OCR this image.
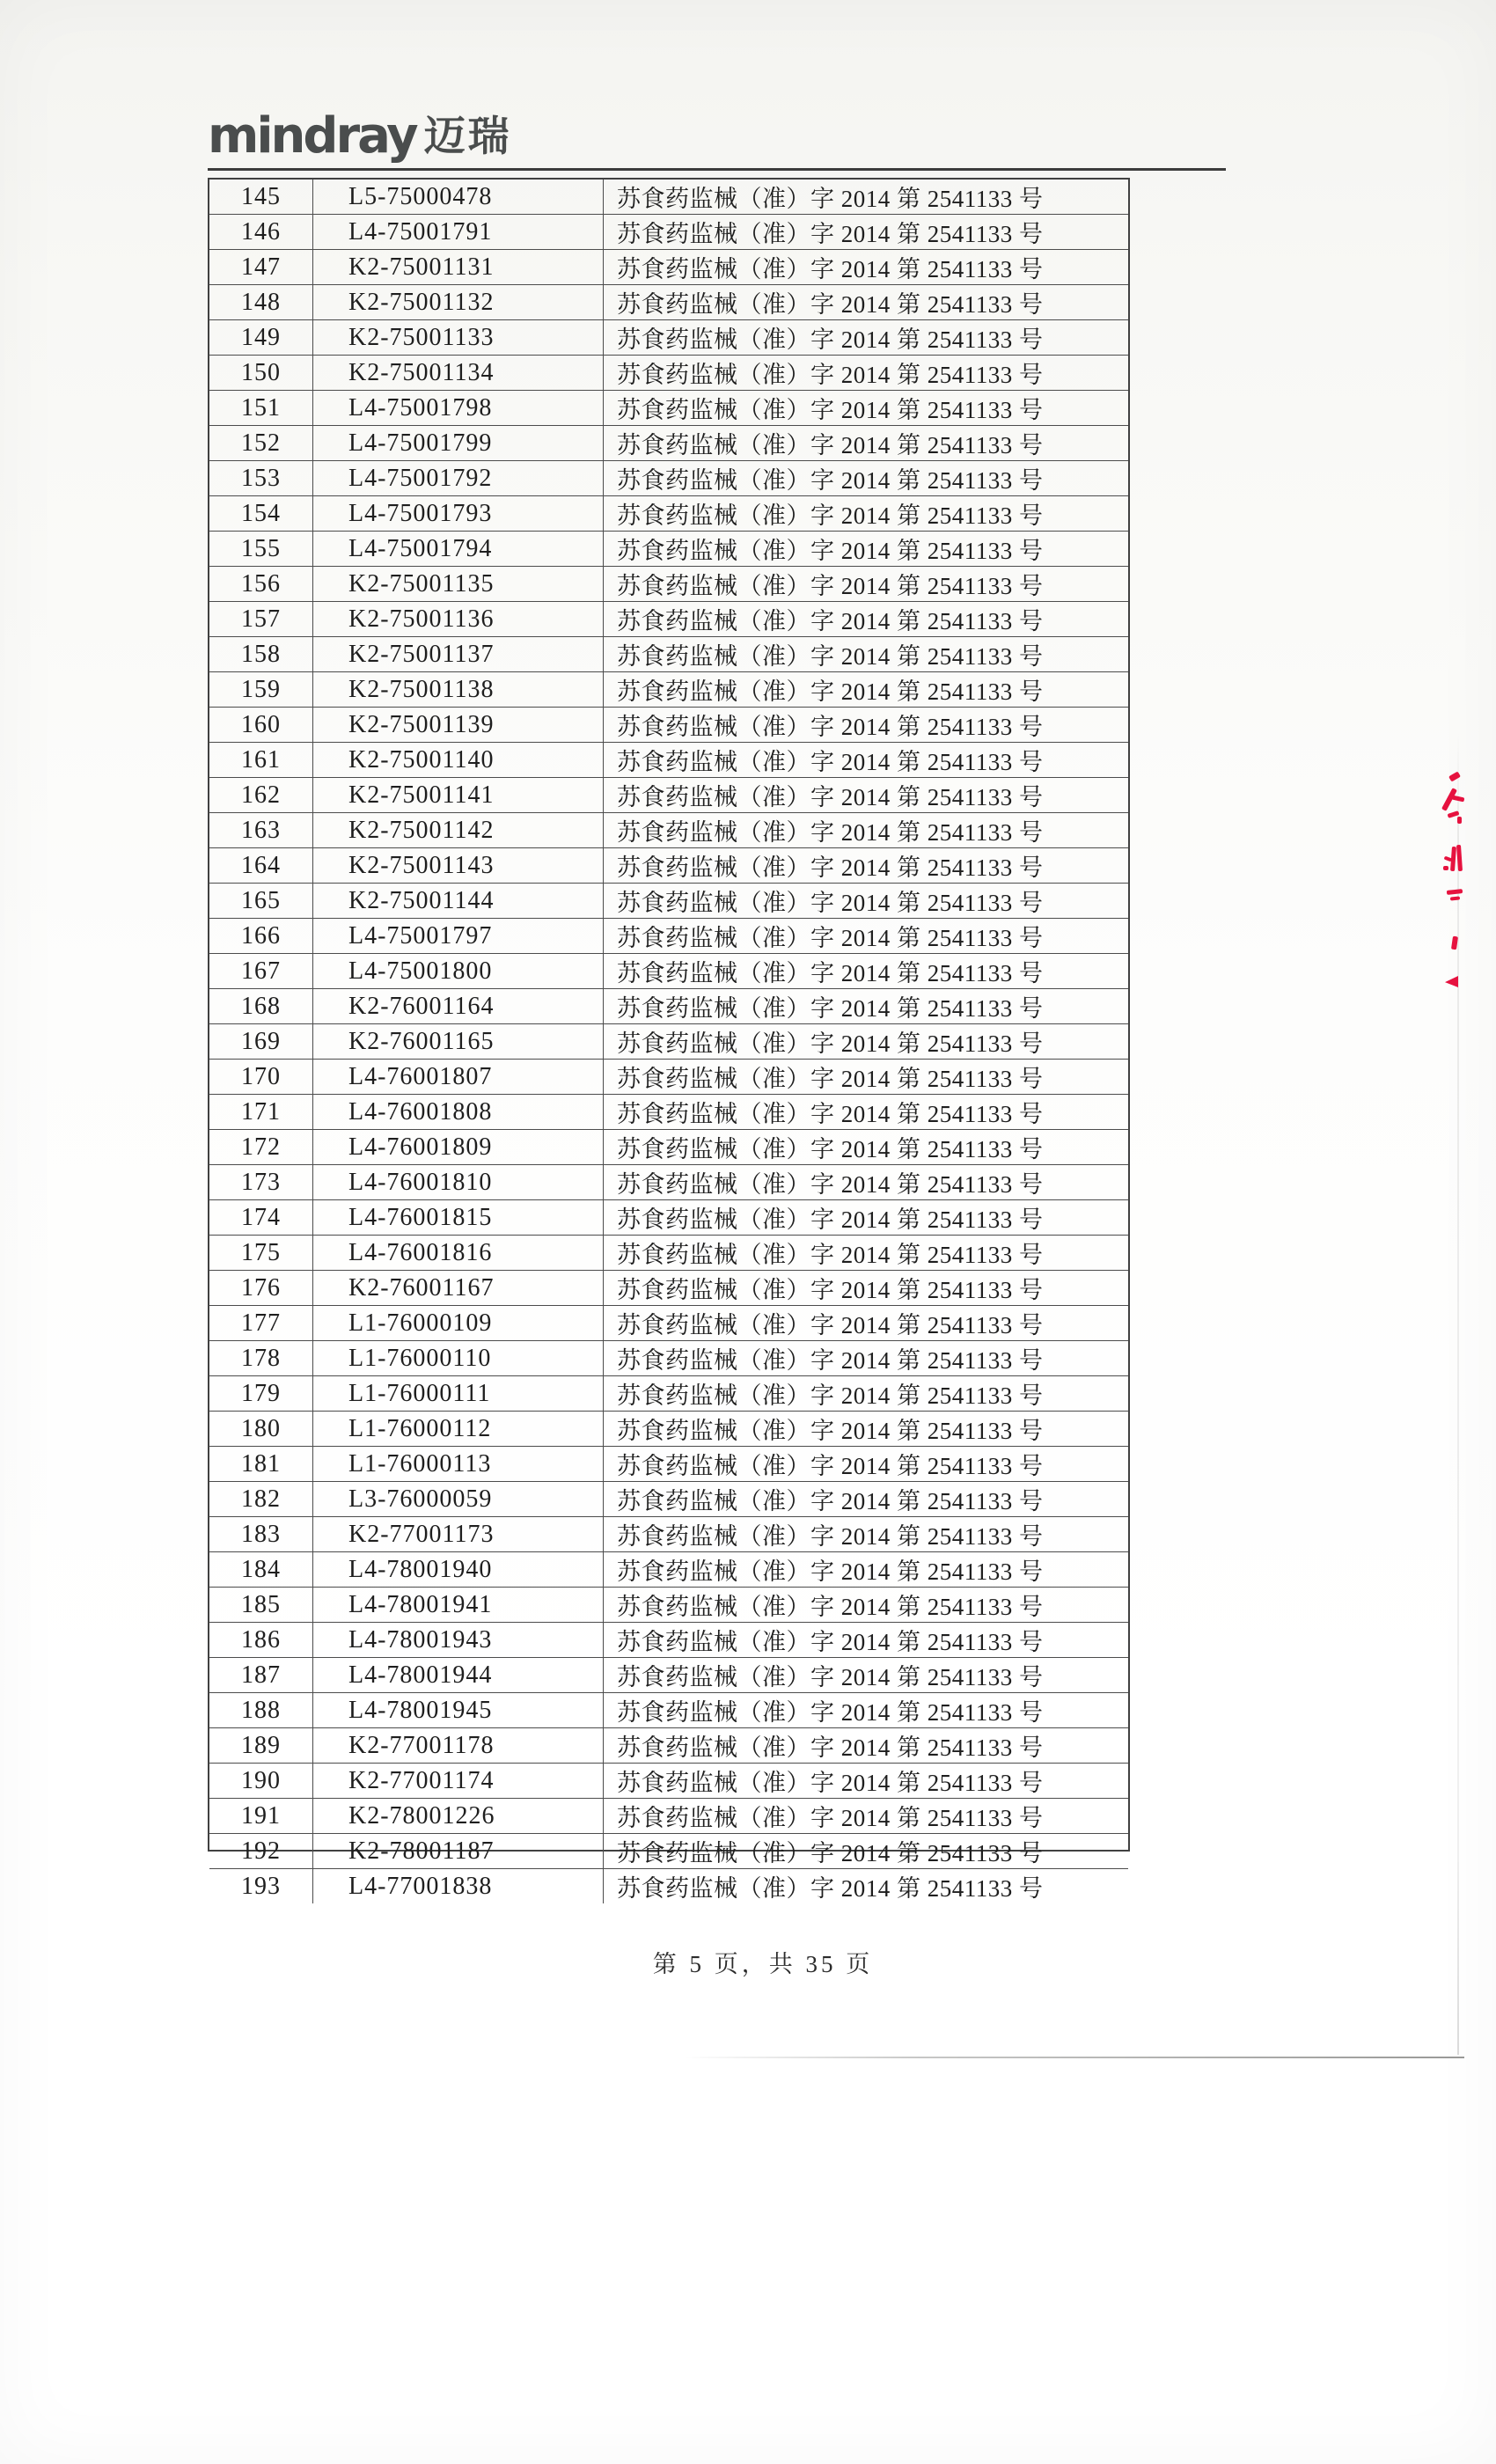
mindray 迈瑞
145	L5-75000478	苏食药监械（准）字 2014 第 2541133 号
146	L4-75001791	苏食药监械（准）字 2014 第 2541133 号
147	K2-75001131	苏食药监械（准）字 2014 第 2541133 号
148	K2-75001132	苏食药监械（准）字 2014 第 2541133 号
149	K2-75001133	苏食药监械（准）字 2014 第 2541133 号
150	K2-75001134	苏食药监械（准）字 2014 第 2541133 号
151	L4-75001798	苏食药监械（准）字 2014 第 2541133 号
152	L4-75001799	苏食药监械（准）字 2014 第 2541133 号
153	L4-75001792	苏食药监械（准）字 2014 第 2541133 号
154	L4-75001793	苏食药监械（准）字 2014 第 2541133 号
155	L4-75001794	苏食药监械（准）字 2014 第 2541133 号
156	K2-75001135	苏食药监械（准）字 2014 第 2541133 号
157	K2-75001136	苏食药监械（准）字 2014 第 2541133 号
158	K2-75001137	苏食药监械（准）字 2014 第 2541133 号
159	K2-75001138	苏食药监械（准）字 2014 第 2541133 号
160	K2-75001139	苏食药监械（准）字 2014 第 2541133 号
161	K2-75001140	苏食药监械（准）字 2014 第 2541133 号
162	K2-75001141	苏食药监械（准）字 2014 第 2541133 号
163	K2-75001142	苏食药监械（准）字 2014 第 2541133 号
164	K2-75001143	苏食药监械（准）字 2014 第 2541133 号
165	K2-75001144	苏食药监械（准）字 2014 第 2541133 号
166	L4-75001797	苏食药监械（准）字 2014 第 2541133 号
167	L4-75001800	苏食药监械（准）字 2014 第 2541133 号
168	K2-76001164	苏食药监械（准）字 2014 第 2541133 号
169	K2-76001165	苏食药监械（准）字 2014 第 2541133 号
170	L4-76001807	苏食药监械（准）字 2014 第 2541133 号
171	L4-76001808	苏食药监械（准）字 2014 第 2541133 号
172	L4-76001809	苏食药监械（准）字 2014 第 2541133 号
173	L4-76001810	苏食药监械（准）字 2014 第 2541133 号
174	L4-76001815	苏食药监械（准）字 2014 第 2541133 号
175	L4-76001816	苏食药监械（准）字 2014 第 2541133 号
176	K2-76001167	苏食药监械（准）字 2014 第 2541133 号
177	L1-76000109	苏食药监械（准）字 2014 第 2541133 号
178	L1-76000110	苏食药监械（准）字 2014 第 2541133 号
179	L1-76000111	苏食药监械（准）字 2014 第 2541133 号
180	L1-76000112	苏食药监械（准）字 2014 第 2541133 号
181	L1-76000113	苏食药监械（准）字 2014 第 2541133 号
182	L3-76000059	苏食药监械（准）字 2014 第 2541133 号
183	K2-77001173	苏食药监械（准）字 2014 第 2541133 号
184	L4-78001940	苏食药监械（准）字 2014 第 2541133 号
185	L4-78001941	苏食药监械（准）字 2014 第 2541133 号
186	L4-78001943	苏食药监械（准）字 2014 第 2541133 号
187	L4-78001944	苏食药监械（准）字 2014 第 2541133 号
188	L4-78001945	苏食药监械（准）字 2014 第 2541133 号
189	K2-77001178	苏食药监械（准）字 2014 第 2541133 号
190	K2-77001174	苏食药监械（准）字 2014 第 2541133 号
191	K2-78001226	苏食药监械（准）字 2014 第 2541133 号
192	K2-78001187	苏食药监械（准）字 2014 第 2541133 号
193	L4-77001838	苏食药监械（准）字 2014 第 2541133 号
第 5 页，共 35 页
